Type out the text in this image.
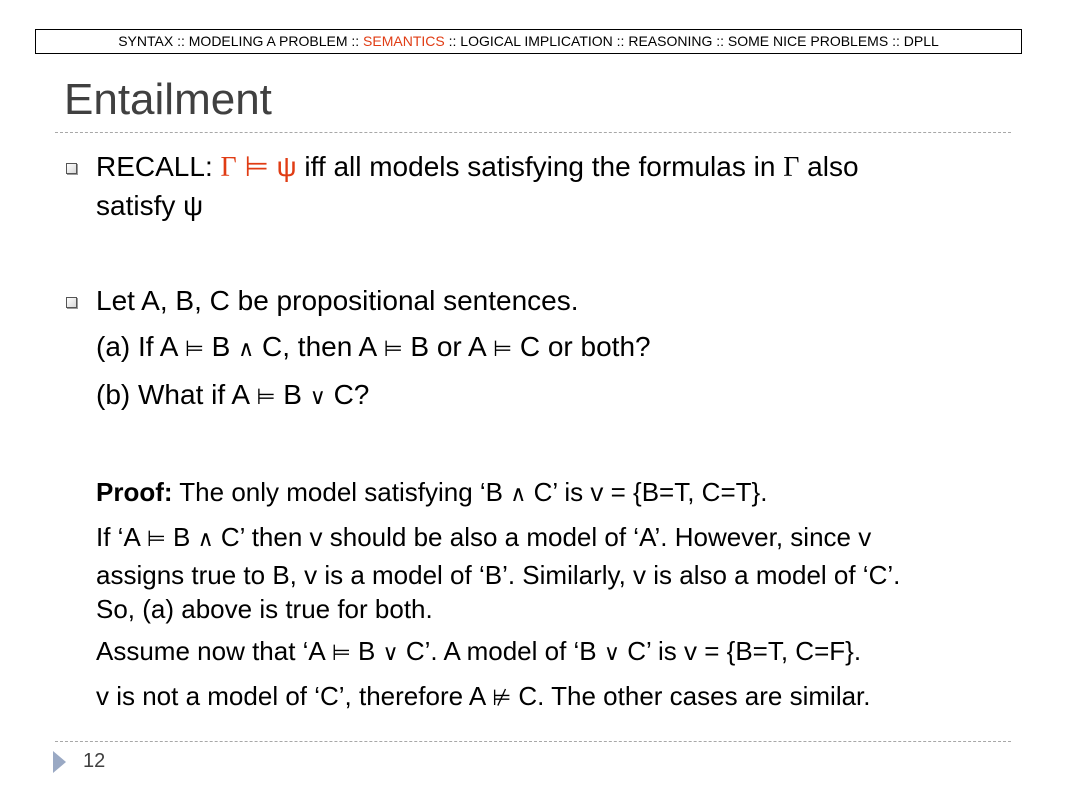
SYNTAX :: MODELING A PROBLEM :: SEMANTICS :: LOGICAL IMPLICATION :: REASONING :: SOME NICE PROBLEMS :: DPLL
Entailment
RECALL: Γ ⊨ ψ iff all models satisfying the formulas in Γ also
satisfy ψ
Let A, B, C be propositional sentences.
(a) If A ⊨ B ∧ C, then A ⊨ B or A ⊨ C or both?
(b) What if A ⊨ B ∨ C?
Proof: The only model satisfying ‘B ∧ C’ is v = {B=T, C=T}.
If ‘A ⊨ B ∧ C’ then v should be also a model of ‘A’. However, since v
assigns true to B, v is a model of ‘B’. Similarly, v is also a model of ‘C’.
So, (a) above is true for both.
Assume now that ‘A ⊨ B ∨ C’. A model of ‘B ∨ C’ is v = {B=T, C=F}.
v is not a model of ‘C’, therefore A ⊭ C. The other cases are similar.
12
